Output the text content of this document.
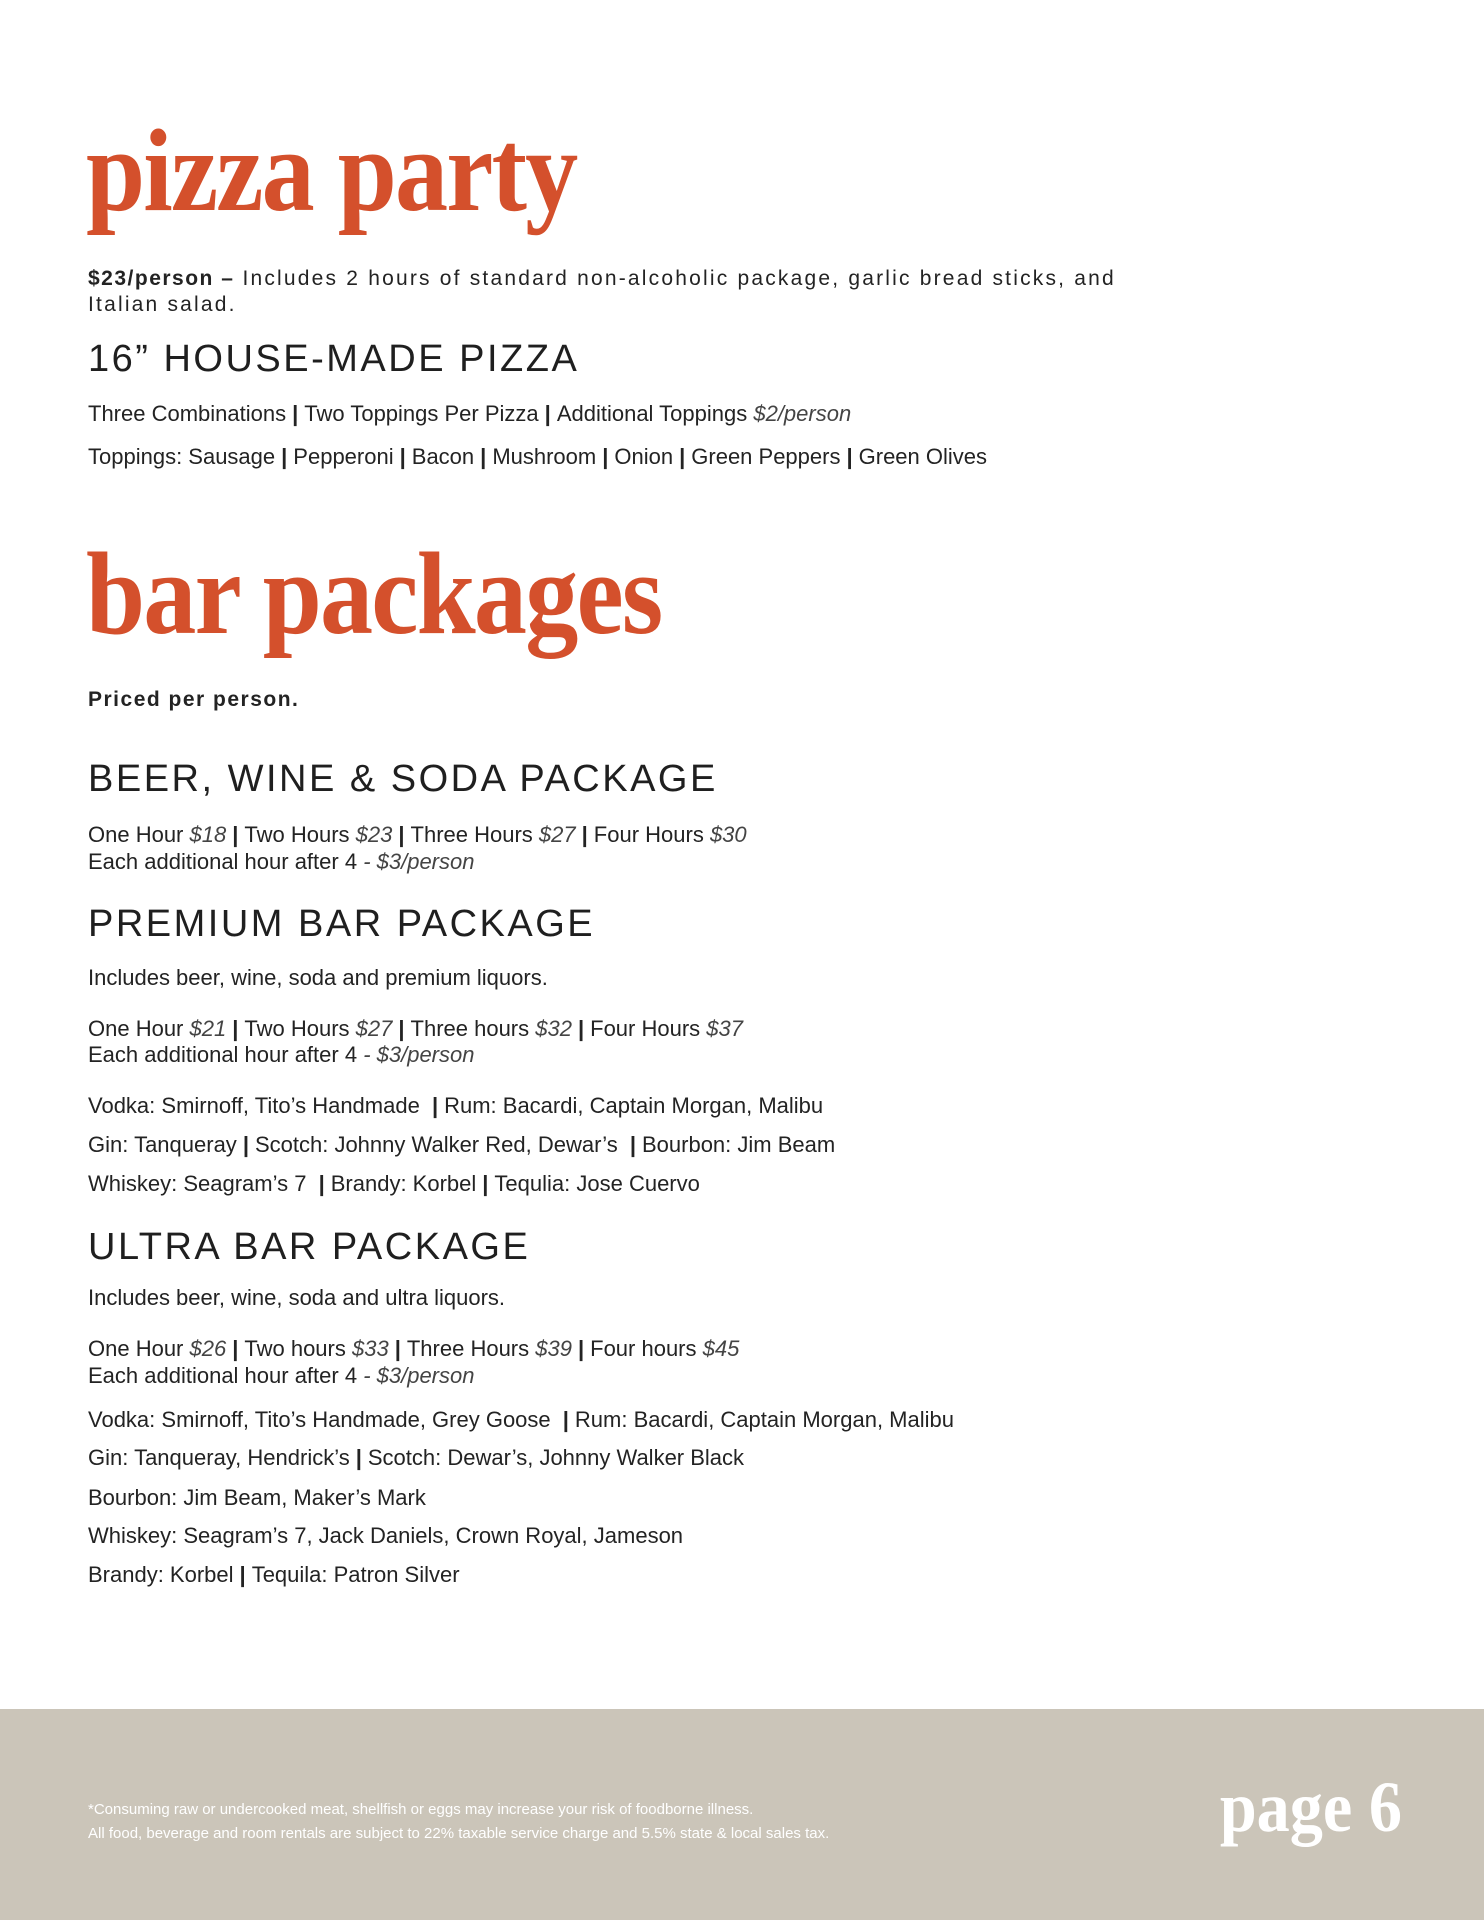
pizza party
$23/person – Includes 2 hours of standard non-alcoholic package, garlic bread sticks, and Italian salad.
16” HOUSE-MADE PIZZA
Three Combinations | Two Toppings Per Pizza | Additional Toppings $2/person
Toppings: Sausage | Pepperoni | Bacon | Mushroom | Onion | Green Peppers | Green Olives
bar packages
Priced per person.
BEER, WINE & SODA PACKAGE
One Hour $18 | Two Hours $23 | Three Hours $27 | Four Hours $30
Each additional hour after 4 - $3/person
PREMIUM BAR PACKAGE
Includes beer, wine, soda and premium liquors.
One Hour $21 | Two Hours $27 | Three hours $32 | Four Hours $37
Each additional hour after 4 - $3/person
Vodka: Smirnoff, Tito’s Handmade | Rum: Bacardi, Captain Morgan, Malibu
Gin: Tanqueray | Scotch: Johnny Walker Red, Dewar’s | Bourbon: Jim Beam
Whiskey: Seagram’s 7 | Brandy: Korbel | Tequlia: Jose Cuervo
ULTRA BAR PACKAGE
Includes beer, wine, soda and ultra liquors.
One Hour $26 | Two hours $33 | Three Hours $39 | Four hours $45
Each additional hour after 4 - $3/person
Vodka: Smirnoff, Tito’s Handmade, Grey Goose | Rum: Bacardi, Captain Morgan, Malibu
Gin: Tanqueray, Hendrick’s | Scotch: Dewar’s, Johnny Walker Black
Bourbon: Jim Beam, Maker’s Mark
Whiskey: Seagram’s 7, Jack Daniels, Crown Royal, Jameson
Brandy: Korbel | Tequila: Patron Silver
*Consuming raw or undercooked meat, shellfish or eggs may increase your risk of foodborne illness.
All food, beverage and room rentals are subject to 22% taxable service charge and 5.5% state & local sales tax.	page 6
